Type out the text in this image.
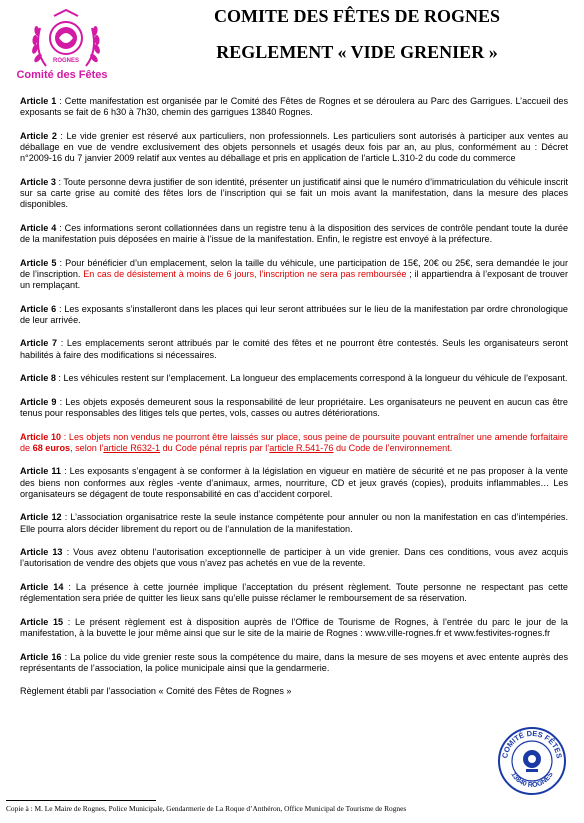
ROGNES
Comité des Fêtes
COMITE DES FÊTES DE ROGNES
REGLEMENT « VIDE GRENIER »
Article 1 : Cette manifestation est organisée par le Comité des Fêtes de Rognes et se déroulera au Parc des Garrigues. L’accueil des exposants se fait de 6 h30 à 7h30, chemin des garrigues 13840 Rognes.
Article 2 : Le vide grenier est réservé aux particuliers, non professionnels. Les particuliers sont autorisés à participer aux ventes au déballage en vue de vendre exclusivement des objets personnels et usagés deux fois par an, au plus, conformément au : Décret n°2009-16 du 7 janvier 2009 relatif aux ventes au déballage et pris en application de l’article L.310-2 du code du commerce
Article 3 : Toute personne devra justifier de son identité, présenter un justificatif ainsi que le numéro d’immatriculation du véhicule inscrit sur sa carte grise au comité des fêtes lors de l’inscription qui se fait un mois avant la manifestation, dans la mesure des places disponibles.
Article 4 : Ces informations seront collationnées dans un registre tenu à la disposition des services de contrôle pendant toute la durée de la manifestation puis déposées en mairie à l’issue de la manifestation. Enfin, le registre est envoyé à la préfecture.
Article 5 : Pour bénéficier d’un emplacement, selon la taille du véhicule, une participation de 15€, 20€ ou 25€, sera demandée le jour de l’inscription. En cas de désistement à moins de 6 jours, l’inscription ne sera pas remboursée ; il appartiendra à l’exposant de trouver un remplaçant.
Article 6 : Les exposants s’installeront dans les places qui leur seront attribuées sur le lieu de la manifestation par ordre chronologique de leur arrivée.
Article 7 : Les emplacements seront attribués par le comité des fêtes et ne pourront être contestés. Seuls les organisateurs seront habilités à faire des modifications si nécessaires.
Article 8 : Les véhicules restent sur l’emplacement. La longueur des emplacements correspond à la longueur du véhicule de l’exposant.
Article 9 : Les objets exposés demeurent sous la responsabilité de leur propriétaire. Les organisateurs ne peuvent en aucun cas être tenus pour responsables des litiges tels que pertes, vols, casses ou autres détériorations.
Article 10 : Les objets non vendus ne pourront être laissés sur place, sous peine de poursuite pouvant entraîner une amende forfaitaire de 68 euros, selon l’article R632-1 du Code pénal repris par l’article R.541-76 du Code de l’environnement.
Article 11 : Les exposants s’engagent à se conformer à la législation en vigueur en matière de sécurité et ne pas proposer à la vente des biens non conformes aux règles -vente d’animaux, armes, nourriture, CD et jeux gravés (copies), produits inflammables… Les organisateurs se dégagent de toute responsabilité en cas d’accident corporel.
Article 12 : L’association organisatrice reste la seule instance compétente pour annuler ou non la manifestation en cas d’intempéries. Elle pourra alors décider librement du report ou de l’annulation de la manifestation.
Article 13 : Vous avez obtenu l’autorisation exceptionnelle de participer à un vide grenier. Dans ces conditions, vous avez acquis l’autorisation de vendre des objets que vous n’avez pas achetés en vue de la revente.
Article 14 : La présence à cette journée implique l’acceptation du présent règlement. Toute personne ne respectant pas cette réglementation sera priée de quitter les lieux sans qu’elle puisse réclamer le remboursement de sa réservation.
Article 15 : Le présent règlement est à disposition auprès de l’Office de Tourisme de Rognes, à l’entrée du parc le jour de la manifestation, à la buvette le jour même ainsi que sur le site de la mairie de Rognes : www.ville-rognes.fr et www.festivites-rognes.fr
Article 16 : La police du vide grenier reste sous la compétence du maire, dans la mesure de ses moyens et avec entente auprès des représentants de l’association, la police municipale ainsi que la gendarmerie.
Règlement établi par l’association « Comité des Fêtes de Rognes »
COMITÉ DES FÊTES
13840 ROGNES
Copie à : M. Le Maire de Rognes, Police Municipale, Gendarmerie de La Roque d’Anthéron, Office Municipal de Tourisme de Rognes
